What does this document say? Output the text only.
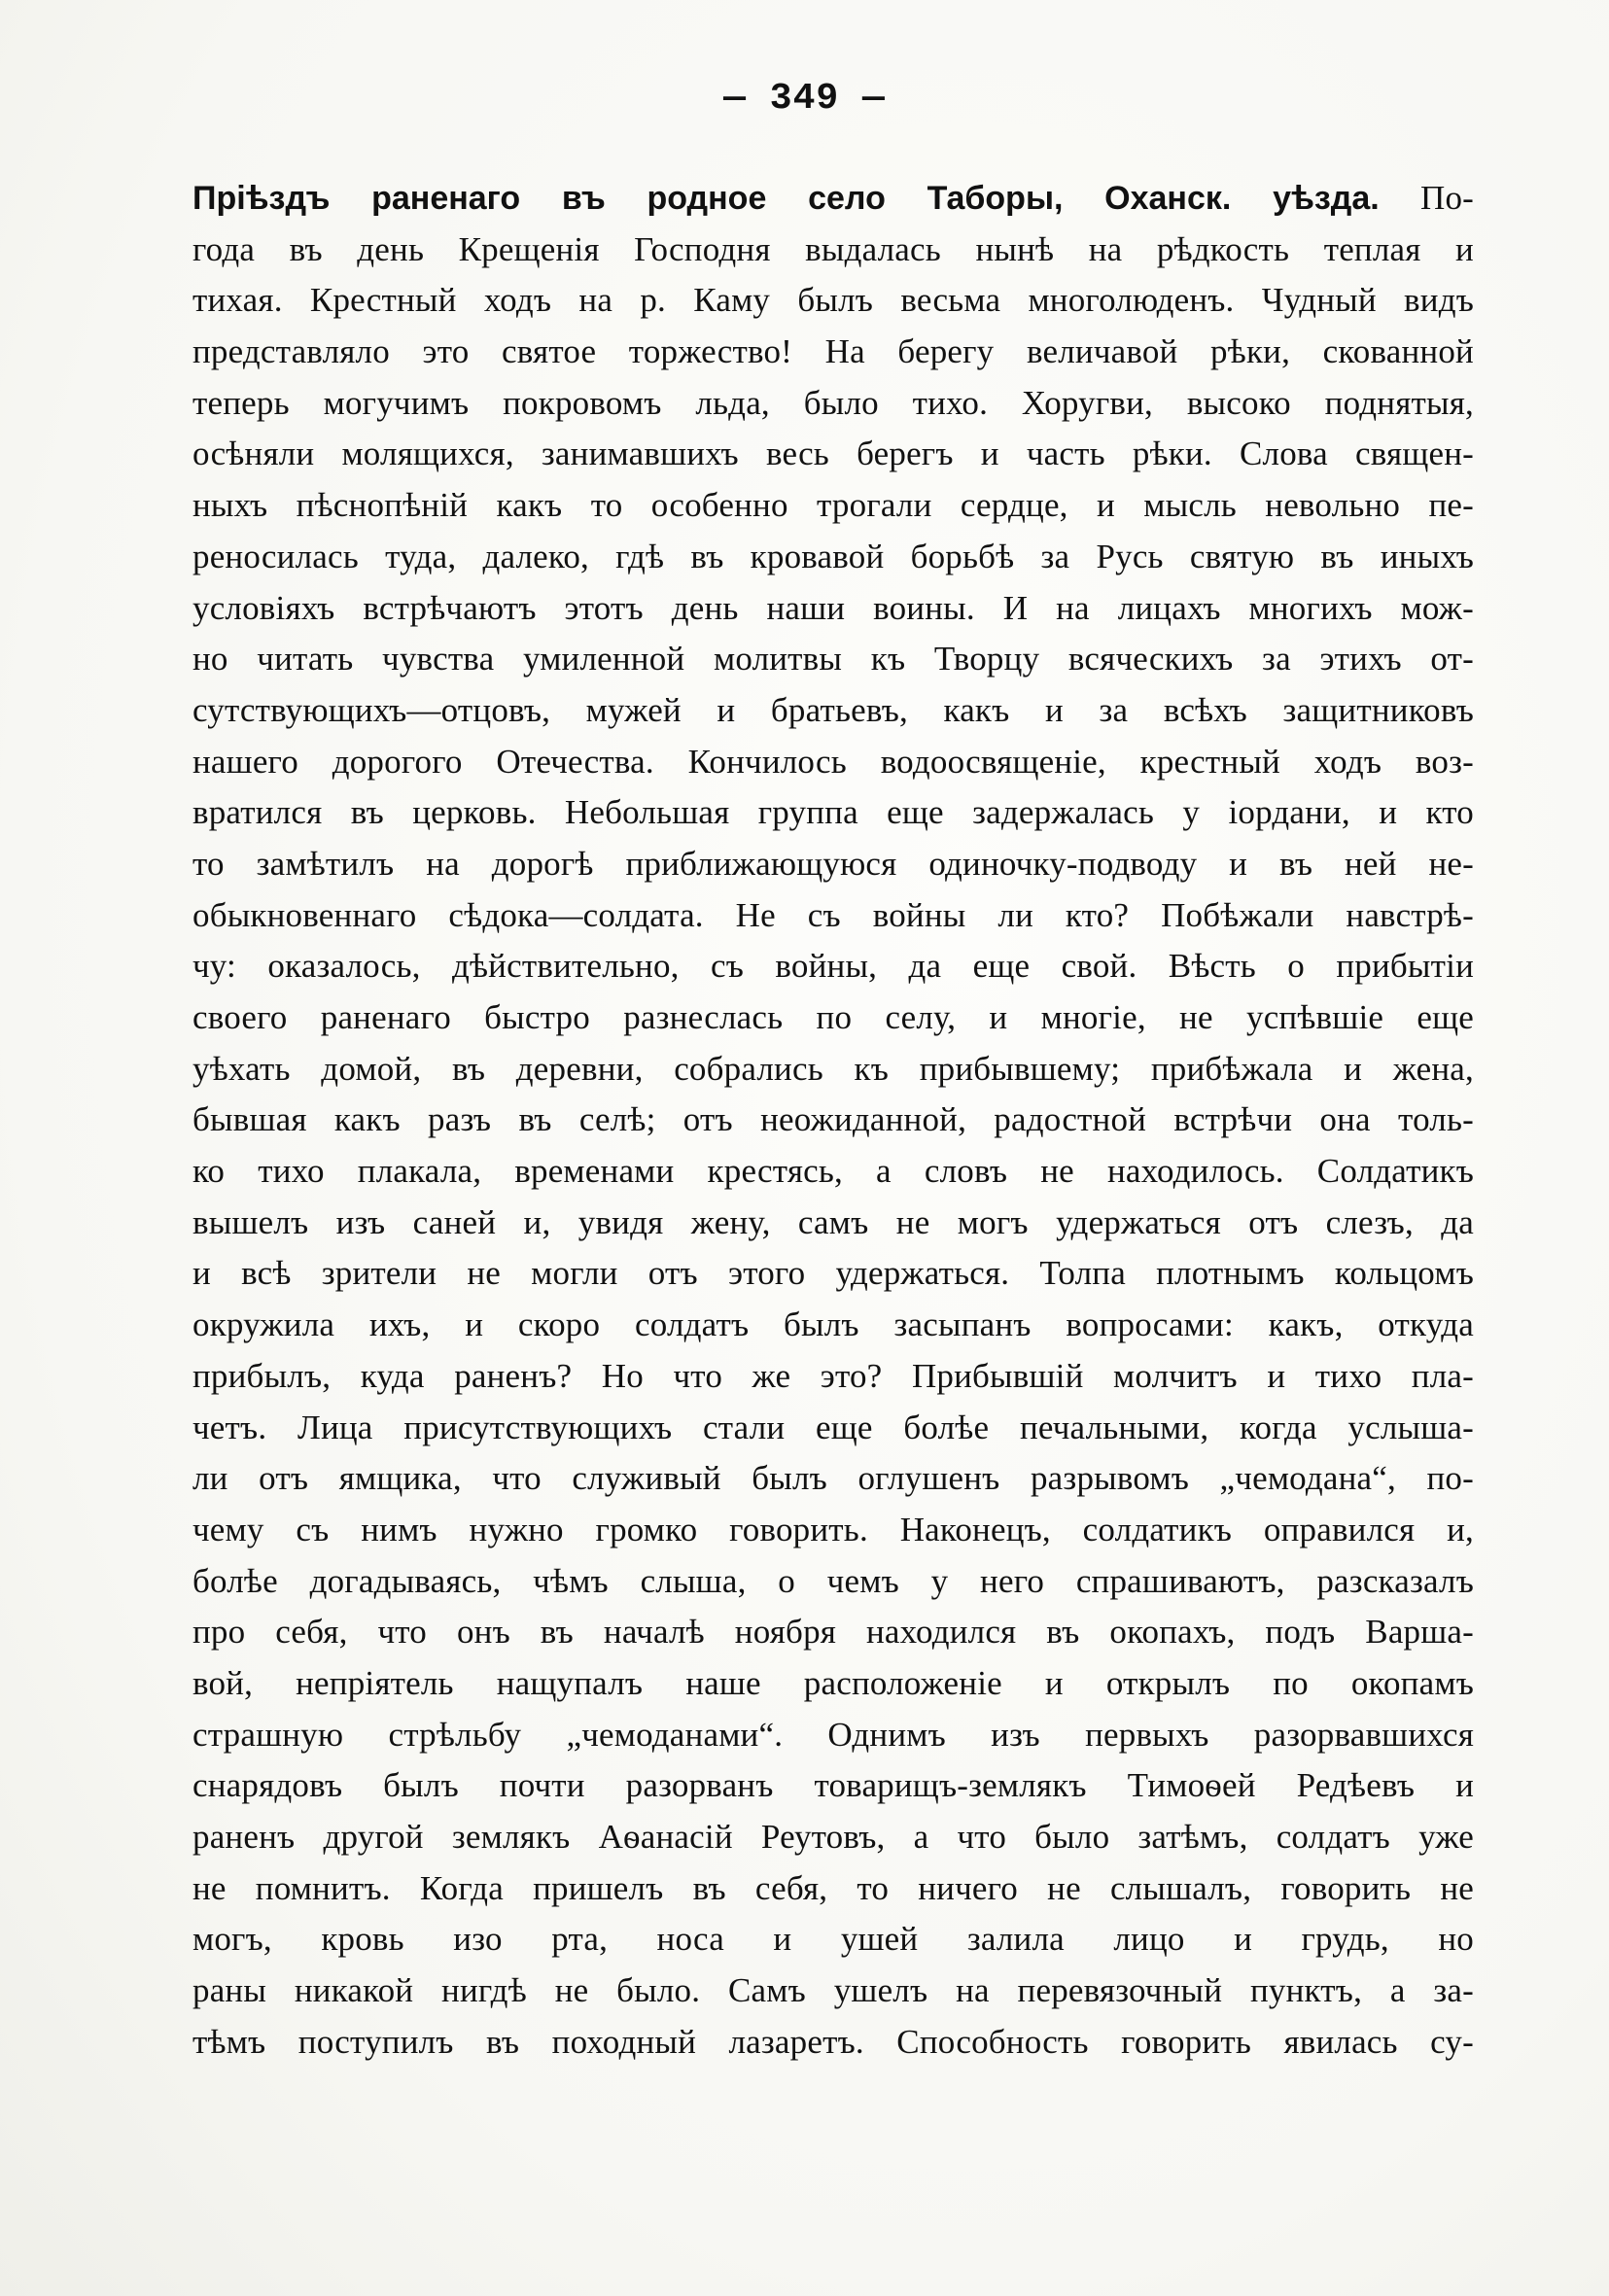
— 349 —
Пріѣздъ раненаго въ родное село Таборы, Оханск. уѣзда. По-
года въ день Крещенія Господня выдалась нынѣ на рѣдкость теплая и
тихая. Крестный ходъ на р. Каму былъ весьма многолюденъ. Чудный видъ
представляло это святое торжество! На берегу величавой рѣки, скованной
теперь могучимъ покровомъ льда, было тихо. Хоругви, высоко поднятыя,
осѣняли молящихся, занимавшихъ весь берегъ и часть рѣки. Слова священ-
ныхъ пѣснопѣній какъ то особенно трогали сердце, и мысль невольно пе-
реносилась туда, далеко, гдѣ въ кровавой борьбѣ за Русь святую въ иныхъ
условіяхъ встрѣчаютъ этотъ день наши воины. И на лицахъ многихъ мож-
но читать чувства умиленной молитвы къ Творцу всяческихъ за этихъ от-
сутствующихъ—отцовъ, мужей и братьевъ, какъ и за всѣхъ защитниковъ
нашего дорогого Отечества. Кончилось водоосвященіе, крестный ходъ воз-
вратился въ церковь. Небольшая группа еще задержалась у іордани, и кто
то замѣтилъ на дорогѣ приближающуюся одиночку-подводу и въ ней не-
обыкновеннаго сѣдока—солдата. Не съ войны ли кто? Побѣжали навстрѣ-
чу: оказалось, дѣйствительно, съ войны, да еще свой. Вѣсть о прибытіи
своего раненаго быстро разнеслась по селу, и многіе, не успѣвшіе еще
уѣхать домой, въ деревни, собрались къ прибывшему; прибѣжала и жена,
бывшая какъ разъ въ селѣ; отъ неожиданной, радостной встрѣчи она толь-
ко тихо плакала, временами крестясь, а словъ не находилось. Солдатикъ
вышелъ изъ саней и, увидя жену, самъ не могъ удержаться отъ слезъ, да
и всѣ зрители не могли отъ этого удержаться. Толпа плотнымъ кольцомъ
окружила ихъ, и скоро солдатъ былъ засыпанъ вопросами: какъ, откуда
прибылъ, куда раненъ? Но что же это? Прибывшій молчитъ и тихо пла-
четъ. Лица присутствующихъ стали еще болѣе печальными, когда услыша-
ли отъ ямщика, что служивый былъ оглушенъ разрывомъ „чемодана“, по-
чему съ нимъ нужно громко говорить. Наконецъ, солдатикъ оправился и,
болѣе догадываясь, чѣмъ слыша, о чемъ у него спрашиваютъ, разсказалъ
про себя, что онъ въ началѣ ноября находился въ окопахъ, подъ Варша-
вой, непріятель нащупалъ наше расположеніе и открылъ по окопамъ
страшную стрѣльбу „чемоданами“. Однимъ изъ первыхъ разорвавшихся
снарядовъ былъ почти разорванъ товарищъ-землякъ Тимоѳей Редѣевъ и
раненъ другой землякъ Аѳанасій Реутовъ, а что было затѣмъ, солдатъ уже
не помнитъ. Когда пришелъ въ себя, то ничего не слышалъ, говорить не
могъ, кровь изо рта, носа и ушей залила лицо и грудь, но
раны никакой нигдѣ не было. Самъ ушелъ на перевязочный пунктъ, а за-
тѣмъ поступилъ въ походный лазаретъ. Способность говорить явилась су-
